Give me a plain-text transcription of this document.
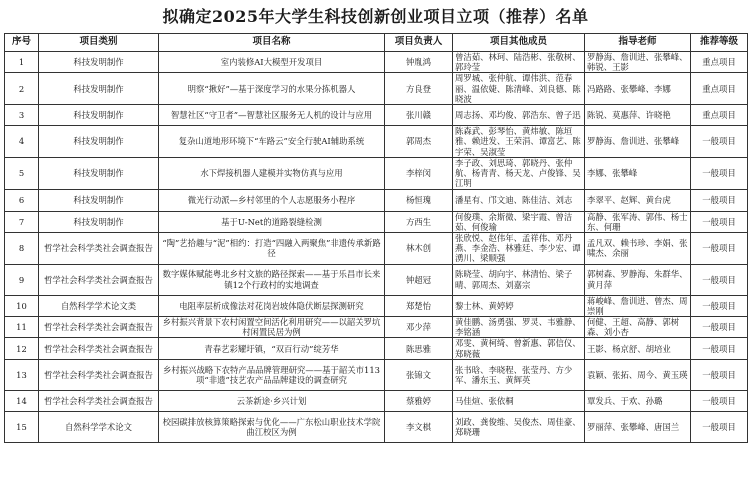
拟确定2025年大学生科技创新创业项目立项（推荐）名单
序号	项目类别	项目名称	项目负责人	项目其他成员	指导老师	推荐等级
1	科技发明制作	室内装修AI大模型开发项目	钟胤鸿	曾洁茹、林珂、陆浩彬、张敬树、郭玲莹	罗静海、詹训进、张攀峰、韩锐、王影	重点项目
2	科技发明制作	明察“揪好”—基于深度学习的水果分拣机器人	方良登	周罗城、张仲航、谭伟洪、范春丽、温依婕、陈清峰、刘良德、陈晓波	冯路路、张攀峰、李娜	重点项目
3	科技发明制作	智慧社区“守卫者”—智慧社区服务无人机的设计与应用	张川赣	周志扬、邓均俊、郭浩东、曾子迅	陈锐、莫惠萍、许晓艳	重点项目
4	科技发明制作	复杂山道地形环境下“车路云”安全行驶AI辅助系统	郭周杰	陈森武、彭琴怡、黄炜敏、陈垣雅、赖进发、王荣涓、谭富艺、陈宇荣、吴淑莹	罗静海、詹训进、张攀峰	一般项目
5	科技发明制作	水下焊接机器人建模并实物仿真与应用	李梓闵	李子政、刘思琦、郭晓丹、张仲航、杨青青、杨天龙、卢俊锋、吴江明	李娜、张攀峰	一般项目
6	科技发明制作	微光行动派—乡村邻里的个人志愿服务小程序	杨恒瑰	潘星有、邝文迪、陈佳洁、刘志	李翠平、赵辉、黄台虎	一般项目
7	科技发明制作	基于U-Net的道路裂缝检测	方西生	何俊璞、余斯微、梁宇霞、曾洁茹、何俊瑜	高静、张军涛、郭伟、杨士东、何珊	一般项目
8	哲学社会科学类社会调查报告	“陶”艺拾趣与“泥”相约：打造“四融入两聚焦”非遗传承新路径	林木创	张欣悦、赵伟年、孟祥伟、邓丹燕、李金浩、林雅廷、李少宏、谭湧川、梁顺强	孟凡双、赖书珍、李娟、张啸杰、余丽	一般项目
9	哲学社会科学类社会调查报告	数字媒体赋能粤北乡村文旅的路径探索——基于乐昌市长来镇12个行政村的实地调查	钟超冠	陈晓莹、胡向宇、林清怡、梁子晴、郭周杰、刘嘉宗	郭树森、罗静海、朱群华、黄月萍	一般项目
10	自然科学学术论文类	电阻率层析成像法对花岗岩坡体隐伏断层探测研究	郑楚怡	黎士林、黄婷婷	蒋峻峰、詹训进、曾杰、周崇刚	一般项目
11	哲学社会科学类社会调查报告	乡村振兴背景下农村闲置空间活化利用研究——以韶关罗坑村闲置民居为例	邓少萍	黄佳鹏、汤勇强、罗灵、韦雅静、李铭涵	何健、王超、高静、郭树森、刘小杏	一般项目
12	哲学社会科学类社会调查报告	青春艺彩耀圩镇，“双百行动”绽芳华	陈思雅	邓雯、黄柯绮、曾新惠、郭信仪、郑晓薇	王影、杨京舒、胡培业	一般项目
13	哲学社会科学类社会调查报告	乡村振兴战略下农特产品品牌管理研究——基于韶关市113项“非遗”技艺农产品品牌建设的调查研究	张锦文	张书晗、李晓程、张莹丹、方少军、潘东玉、黄辉英	袁颖、张拓、周今、黄玉瑛	一般项目
14	哲学社会科学类社会调查报告	云茶新途·乡兴计划	蔡雅婷	马佳煊、张依桐	覃发兵、于欢、孙璐	一般项目
15	自然科学学术论文	校园碳排放核算策略探索与优化——广东松山职业技术学院曲江校区为例	李文棋	刘政、龚俊维、吴俊杰、周佳豪、郑晓珊	罗丽萍、张攀峰、唐国兰	一般项目
